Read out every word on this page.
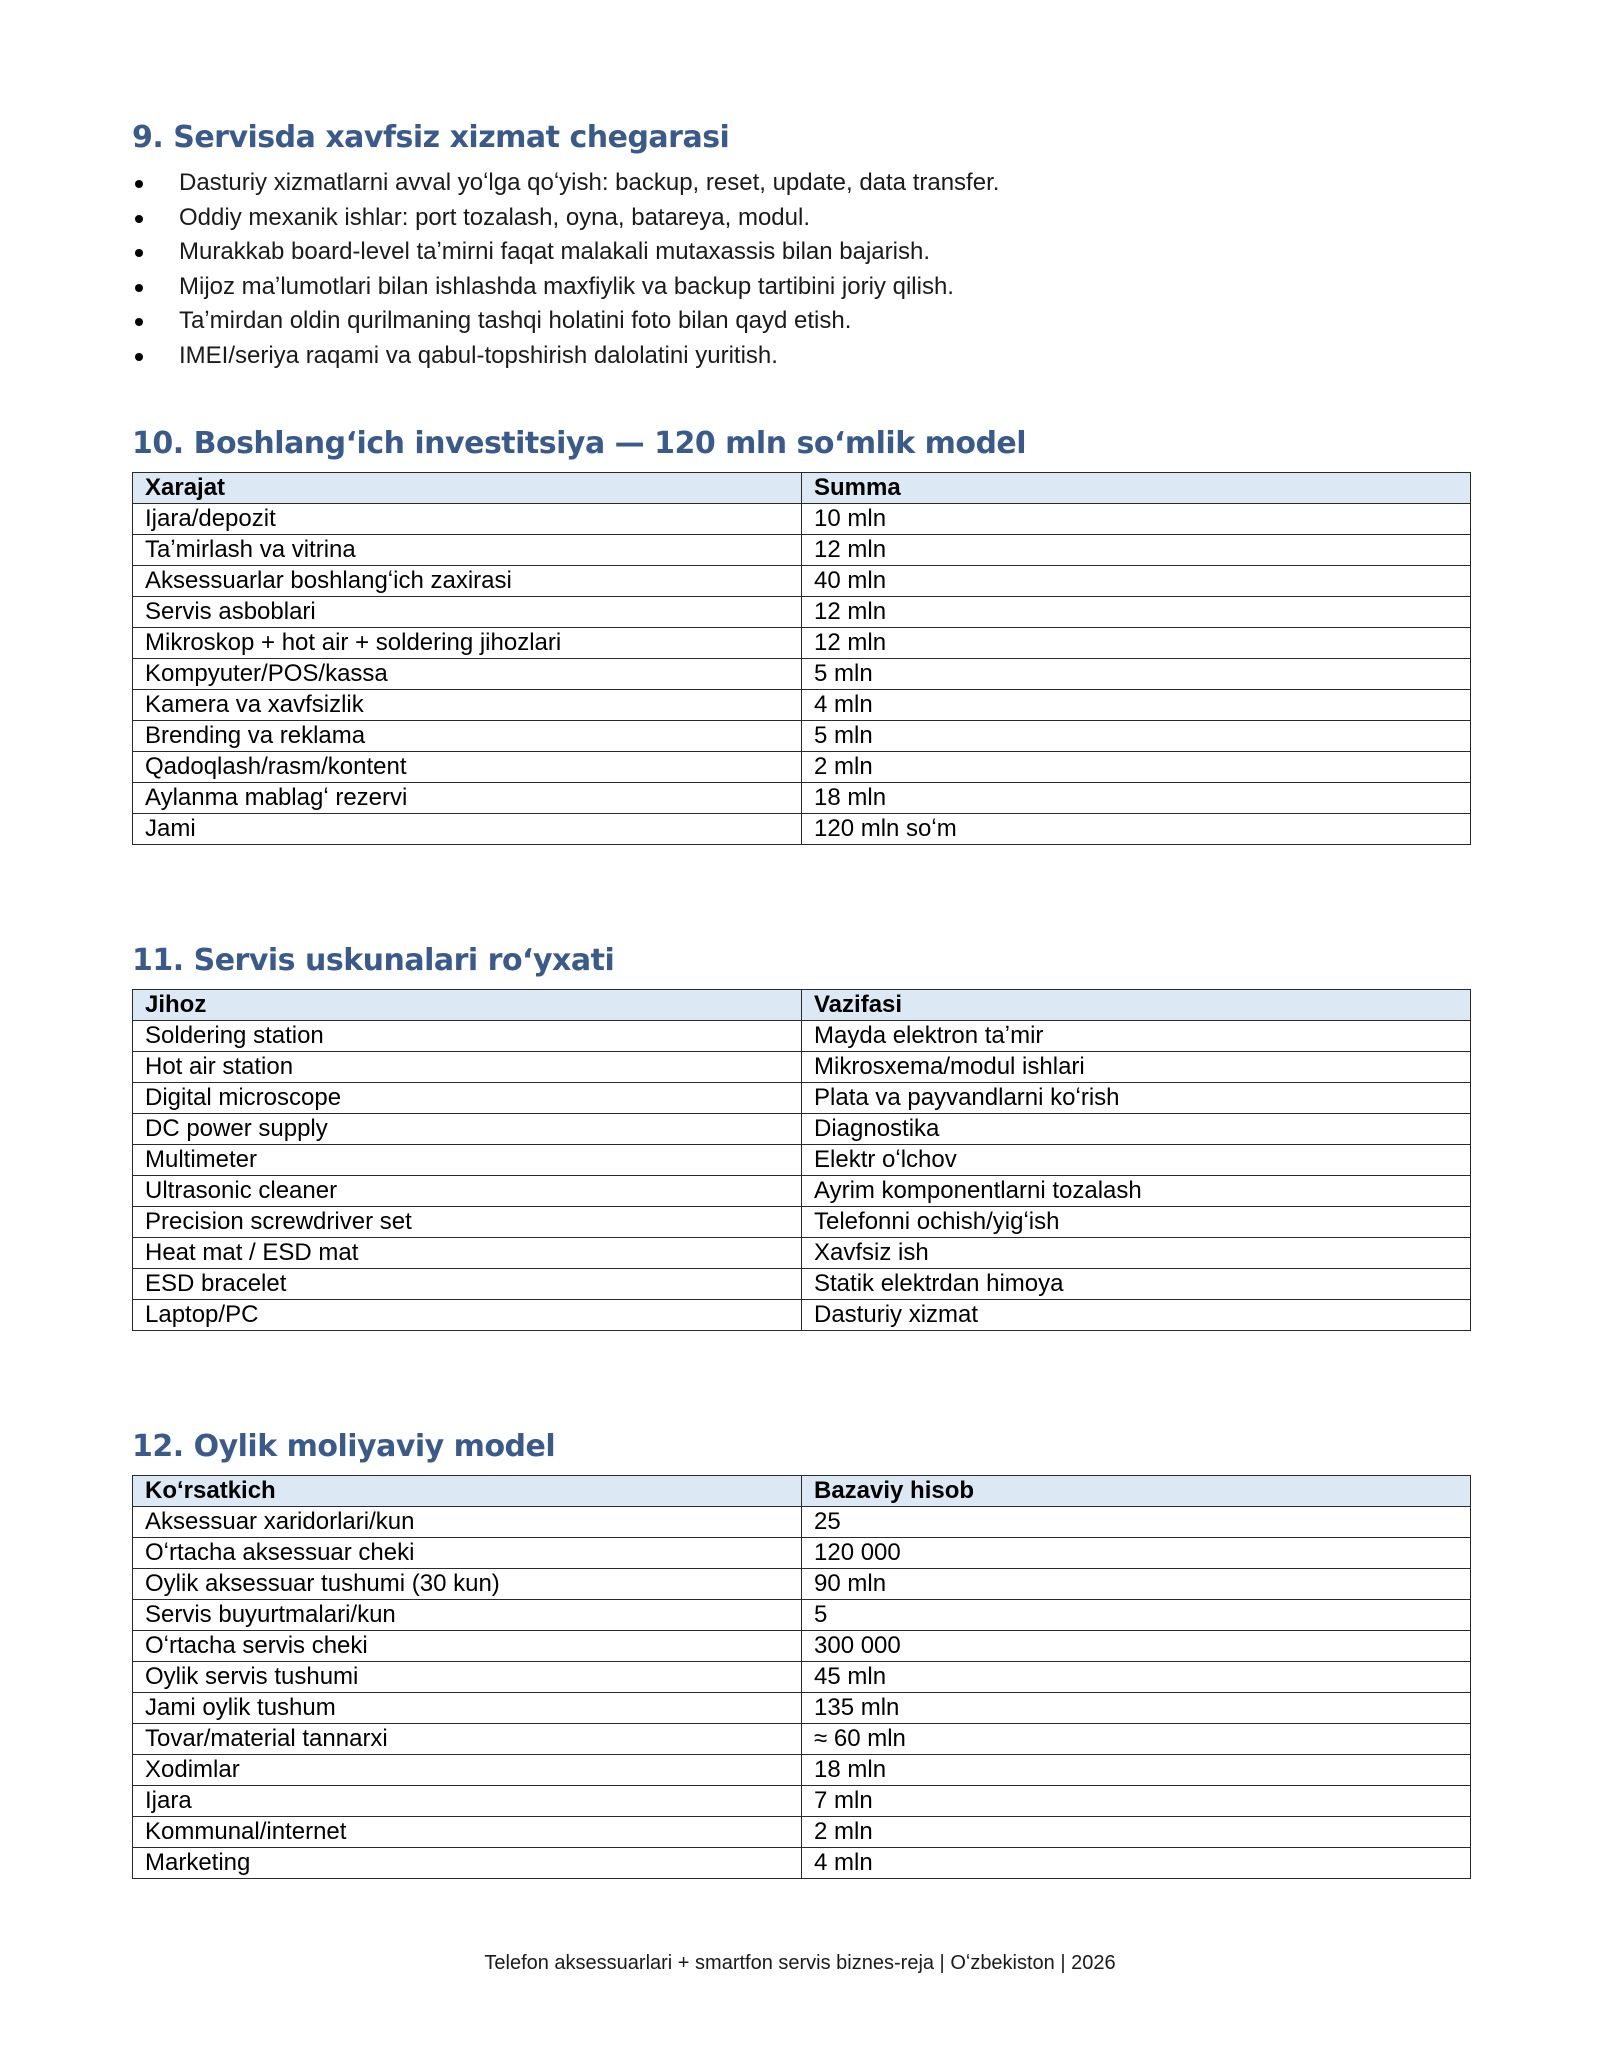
9. Servisda xavfsiz xizmat chegarasi
Dasturiy xizmatlarni avval yoʻlga qoʻyish: backup, reset, update, data transfer.
Oddiy mexanik ishlar: port tozalash, oyna, batareya, modul.
Murakkab board-level taʼmirni faqat malakali mutaxassis bilan bajarish.
Mijoz maʼlumotlari bilan ishlashda maxfiylik va backup tartibini joriy qilish.
Taʼmirdan oldin qurilmaning tashqi holatini foto bilan qayd etish.
IMEI/seriya raqami va qabul-topshirish dalolatini yuritish.
10. Boshlangʻich investitsiya — 120 mln soʻmlik model
Xarajat	Summa
Ijara/depozit	10 mln
Taʼmirlash va vitrina	12 mln
Aksessuarlar boshlangʻich zaxirasi	40 mln
Servis asboblari	12 mln
Mikroskop + hot air + soldering jihozlari	12 mln
Kompyuter/POS/kassa	5 mln
Kamera va xavfsizlik	4 mln
Brending va reklama	5 mln
Qadoqlash/rasm/kontent	2 mln
Aylanma mablagʻ rezervi	18 mln
Jami	120 mln soʻm
11. Servis uskunalari roʻyxati
Jihoz	Vazifasi
Soldering station	Mayda elektron taʼmir
Hot air station	Mikrosxema/modul ishlari
Digital microscope	Plata va payvandlarni koʻrish
DC power supply	Diagnostika
Multimeter	Elektr oʻlchov
Ultrasonic cleaner	Ayrim komponentlarni tozalash
Precision screwdriver set	Telefonni ochish/yigʻish
Heat mat / ESD mat	Xavfsiz ish
ESD bracelet	Statik elektrdan himoya
Laptop/PC	Dasturiy xizmat
12. Oylik moliyaviy model
Koʻrsatkich	Bazaviy hisob
Aksessuar xaridorlari/kun	25
Oʻrtacha aksessuar cheki	120 000
Oylik aksessuar tushumi (30 kun)	90 mln
Servis buyurtmalari/kun	5
Oʻrtacha servis cheki	300 000
Oylik servis tushumi	45 mln
Jami oylik tushum	135 mln
Tovar/material tannarxi	≈ 60 mln
Xodimlar	18 mln
Ijara	7 mln
Kommunal/internet	2 mln
Marketing	4 mln
Telefon aksessuarlari + smartfon servis biznes-reja | Oʻzbekiston | 2026
